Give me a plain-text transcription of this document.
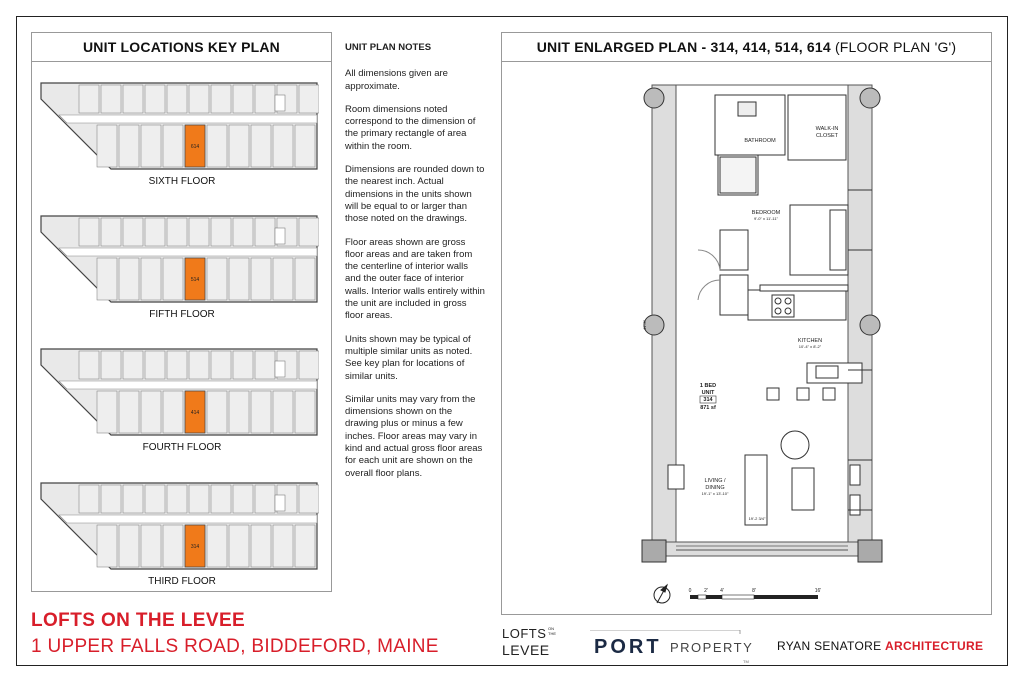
UNIT LOCATIONS KEY PLAN
614
SIXTH FLOOR
514
FIFTH FLOOR
414
FOURTH FLOOR
314
THIRD FLOOR
UNIT PLAN NOTES

All dimensions given are approximate.

Room dimensions noted correspond to the dimension of the primary rectangle of area within the room.

Dimensions are rounded down to the nearest inch. Actual dimensions in the units shown will be equal to or larger than those noted on the drawings.

Floor areas shown are gross floor areas and are taken from the centerline of interior walls and the outer face of interior walls. Interior walls entirely within the unit are included in gross floor areas.

Units shown may be typical of multiple similar units as noted. See key plan for locations of similar units.

Similar units may vary from the dimensions shown on the drawing plus or minus a few inches. Floor areas may vary in kind and actual gross floor areas for each unit are shown on the overall floor plans.

UNIT ENLARGED PLAN - 314, 414, 514, 614 (FLOOR PLAN 'G')
BATHROOM
WALK-IN
CLOSET
BEDROOM
9'-0" x 11'-11"
KITCHEN
10'-4" x 8'-2"
1 BED
UNIT
314
871 sf
LIVING /
DINING
19'-1" x 13'-10"
19'-2 3/4"
41'-3"
0	2' 4'	8'	16'
LOFTS ON THE LEVEE
1 UPPER FALLS ROAD, BIDDEFORD, MAINE
LOFTS ON
THE
LEVEE PORT PROPERTY
TM
RYAN SENATORE ARCHITECTURE
